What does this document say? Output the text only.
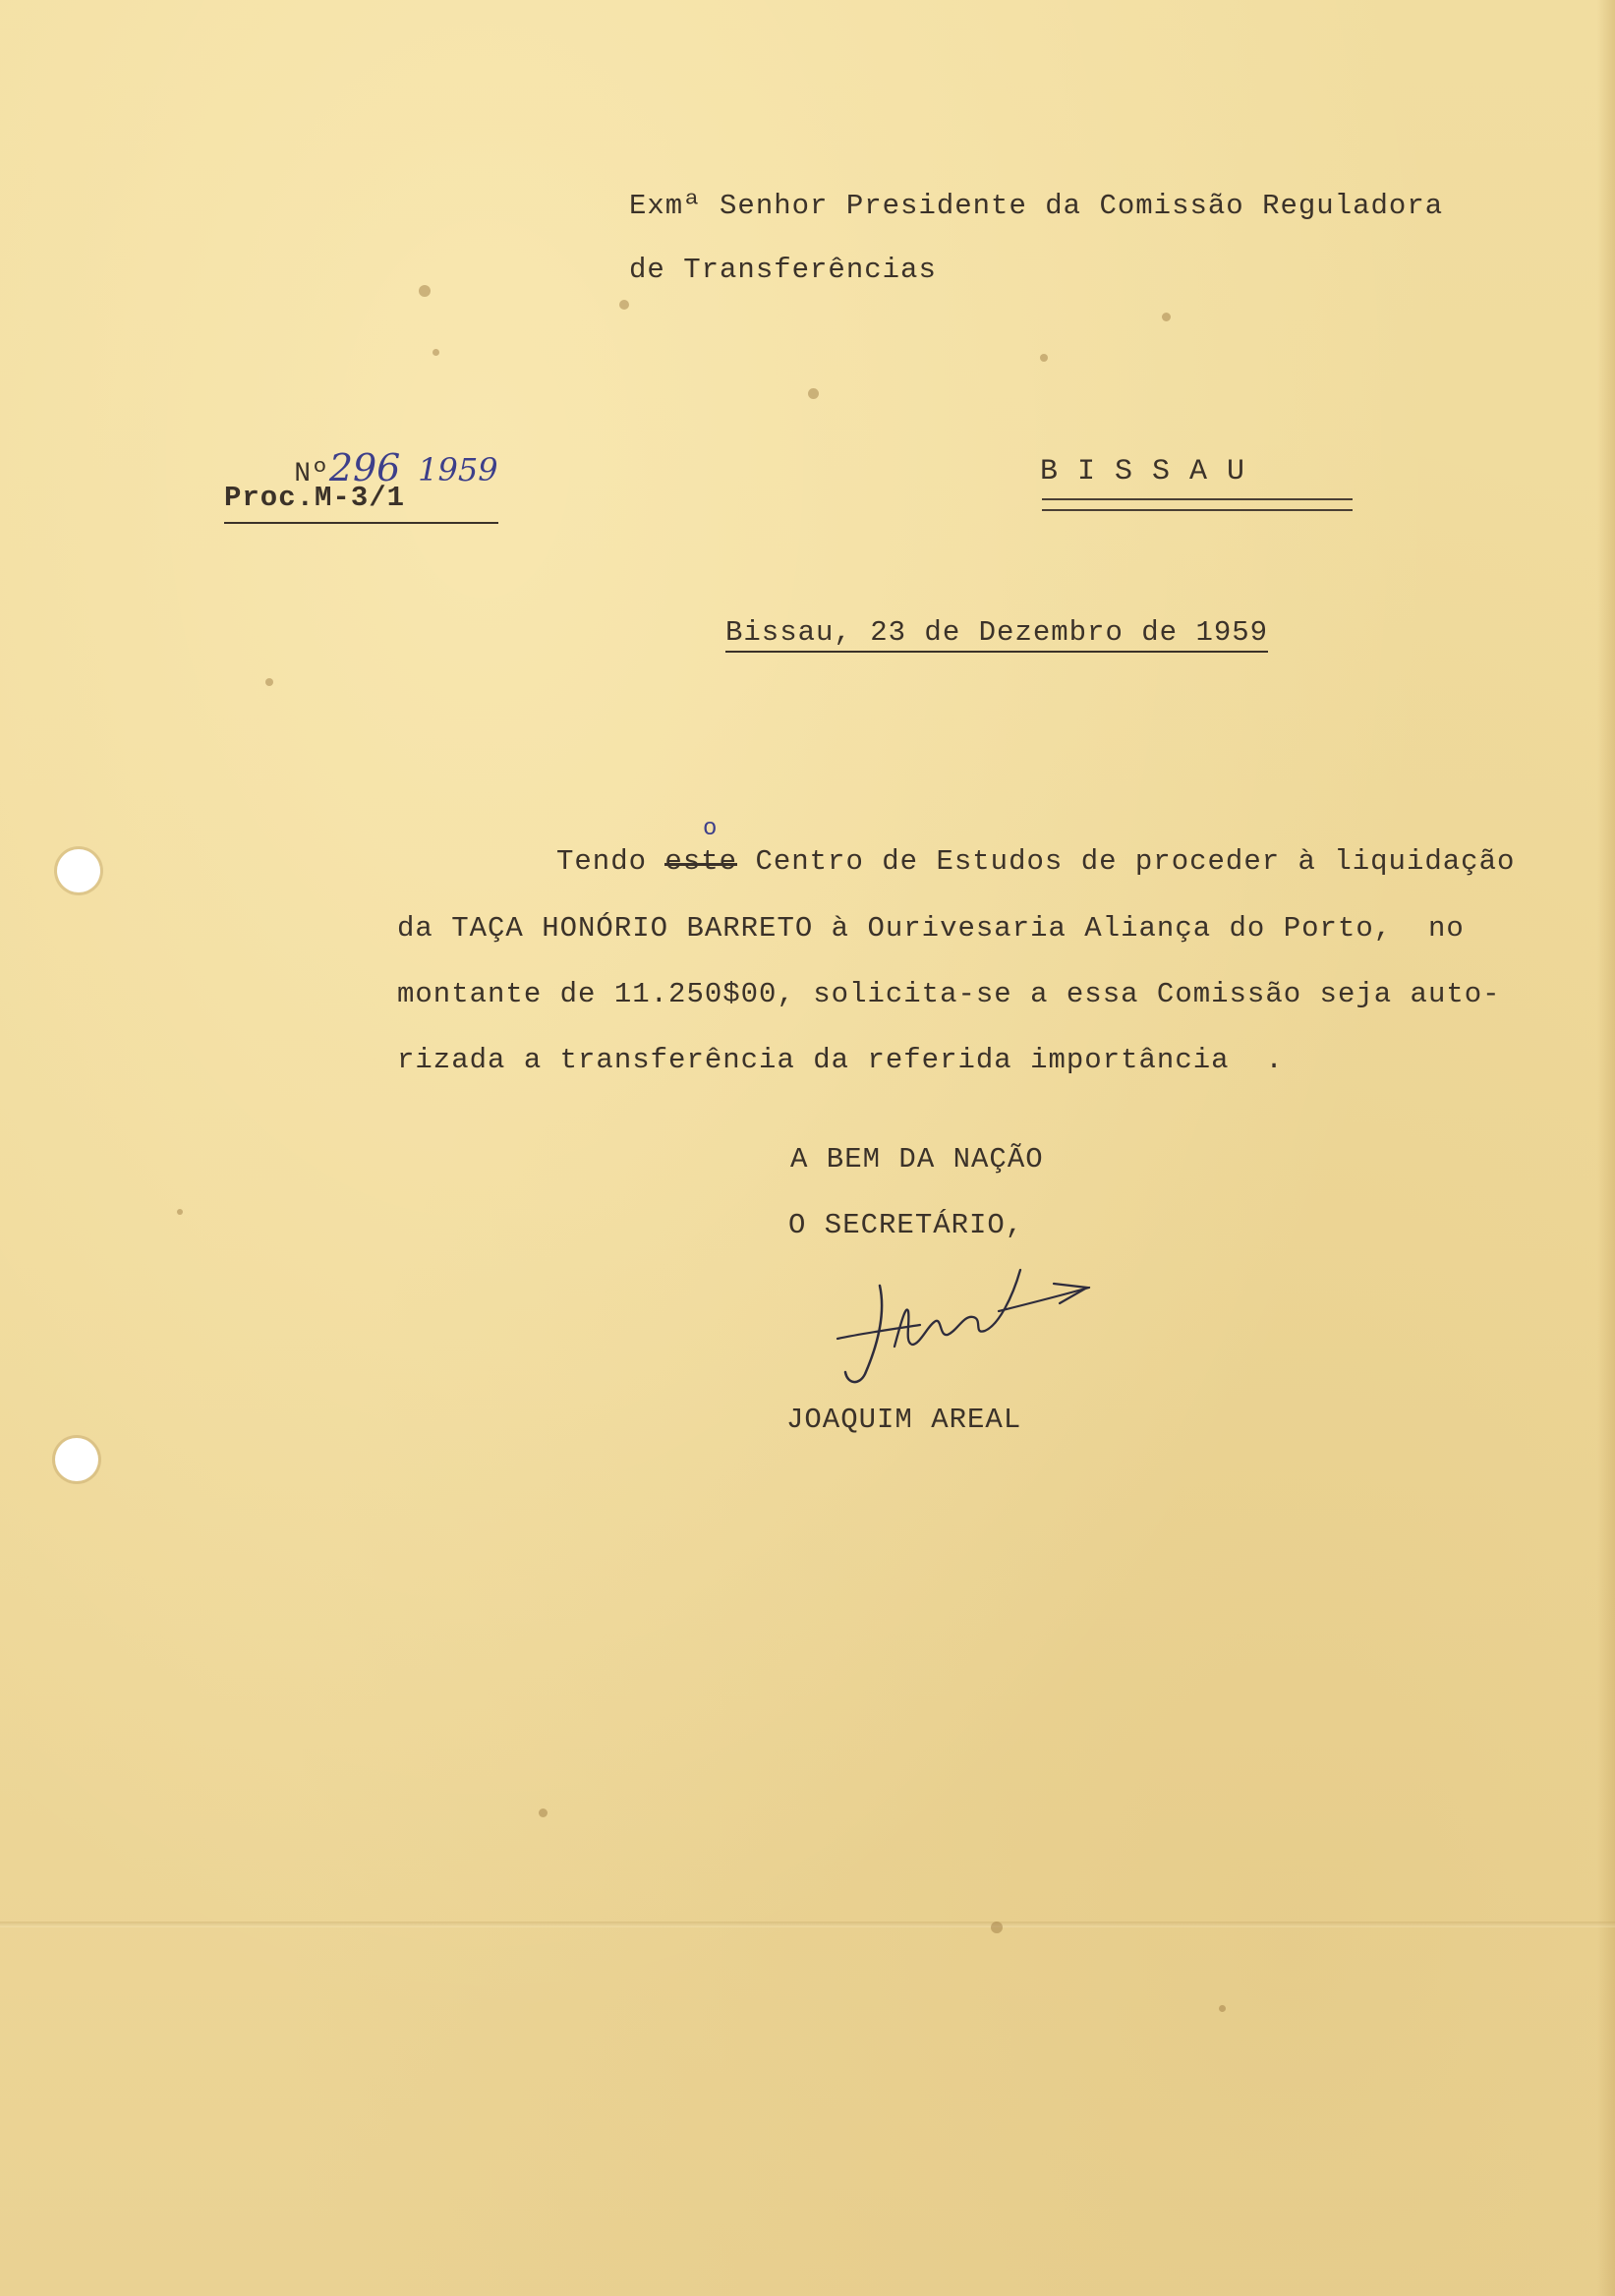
Exmª Senhor Presidente da Comissão Reguladora
de Transferências

Nº296 1959

Proc.M-3/1
B I S S A U
Bissau, 23 de Dezembro de 1959
o
Tendo este Centro de Estudos de proceder à liquidação
da TAÇA HONÓRIO BARRETO à Ourivesaria Aliança do Porto,  no
montante de 11.250$00, solicita-se a essa Comissão seja auto-
rizada a transferência da referida importância  .
A BEM DA NAÇÃO
O SECRETÁRIO,
JOAQUIM AREAL
